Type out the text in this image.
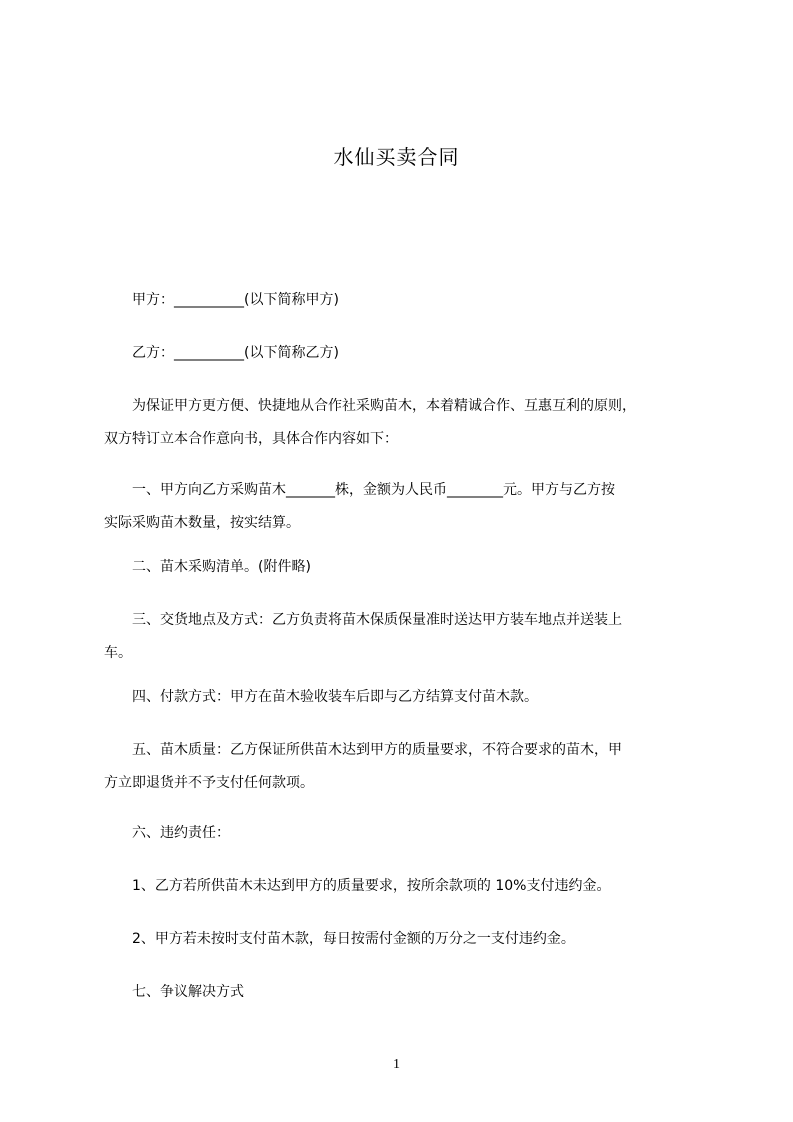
水仙买卖合同
　　甲方：__________(以下简称甲方)
　　乙方：__________(以下简称乙方)
　　为保证甲方更方便、快捷地从合作社采购苗木，本着精诚合作、互惠互利的原则，
双方特订立本合作意向书，具体合作内容如下：
　　一、甲方向乙方采购苗木_______株，金额为人民币________元。甲方与乙方按
实际采购苗木数量，按实结算。
　　二、苗木采购清单。(附件略)
　　三、交货地点及方式：乙方负责将苗木保质保量准时送达甲方装车地点并送装上
车。
　　四、付款方式：甲方在苗木验收装车后即与乙方结算支付苗木款。
　　五、苗木质量：乙方保证所供苗木达到甲方的质量要求，不符合要求的苗木，甲
方立即退货并不予支付任何款项。
　　六、违约责任：
　　1、乙方若所供苗木未达到甲方的质量要求，按所余款项的 10%支付违约金。
　　2、甲方若未按时支付苗木款，每日按需付金额的万分之一支付违约金。
　　七、争议解决方式
1
